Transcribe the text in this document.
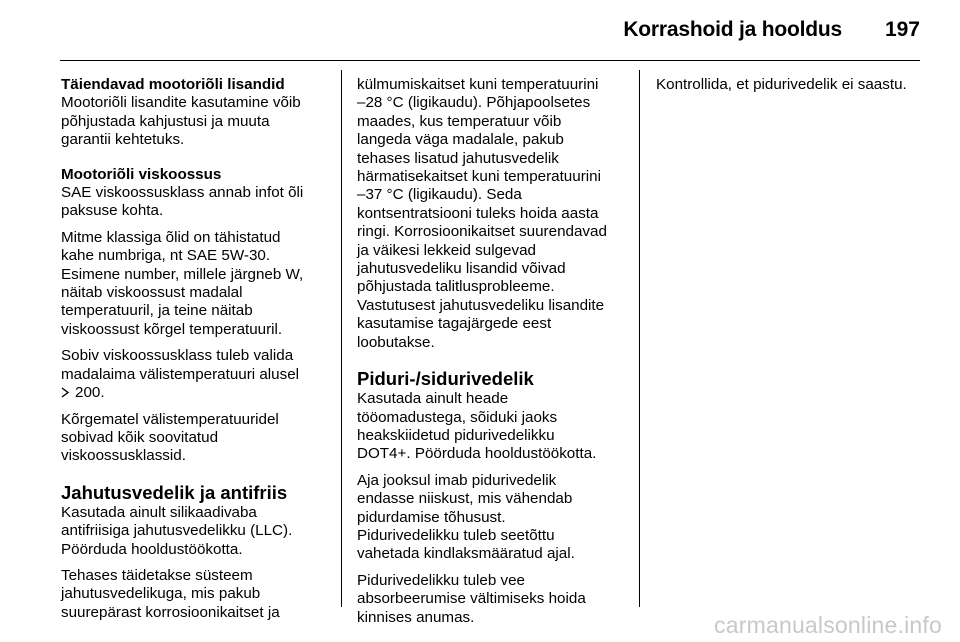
Korrashoid ja hooldus 197
Täiendavad mootoriõli lisandid
Mootoriõli lisandite kasutamine võib
põhjustada kahjustusi ja muuta
garantii kehtetuks.
Mootoriõli viskoossus
SAE viskoossusklass annab infot õli
paksuse kohta.
Mitme klassiga õlid on tähistatud
kahe numbriga, nt SAE 5W-30.
Esimene number, millele järgneb W,
näitab viskoossust madalal
temperatuuril, ja teine näitab
viskoossust kõrgel temperatuuril.
Sobiv viskoossusklass tuleb valida
madalaima välistemperatuuri alusel
200.
Kõrgematel välistemperatuuridel
sobivad kõik soovitatud
viskoossusklassid.
Jahutusvedelik ja antifriis
Kasutada ainult silikaadivaba
antifriisiga jahutusvedelikku (LLC).
Pöörduda hooldustöökotta.
Tehases täidetakse süsteem
jahutusvedelikuga, mis pakub
suurepärast korrosioonikaitset ja
külmumiskaitset kuni temperatuurini
–28 °C (ligikaudu). Põhjapoolsetes
maades, kus temperatuur võib
langeda väga madalale, pakub
tehases lisatud jahutusvedelik
härmatisekaitset kuni temperatuurini
–37 °C (ligikaudu). Seda
kontsentratsiooni tuleks hoida aasta
ringi. Korrosioonikaitset suurendavad
ja väikesi lekkeid sulgevad
jahutusvedeliku lisandid võivad
põhjustada talitlusprobleeme.
Vastutusest jahutusvedeliku lisandite
kasutamise tagajärgede eest
loobutakse.
Piduri-/sidurivedelik
Kasutada ainult heade
tööomadustega, sõiduki jaoks
heakskiidetud pidurivedelikku
DOT4+. Pöörduda hooldustöökotta.
Aja jooksul imab pidurivedelik
endasse niiskust, mis vähendab
pidurdamise tõhusust.
Pidurivedelikku tuleb seetõttu
vahetada kindlaksmääratud ajal.
Pidurivedelikku tuleb vee
absorbeerumise vältimiseks hoida
kinnises anumas.
Kontrollida, et pidurivedelik ei saastu.
carmanualsonline.info
